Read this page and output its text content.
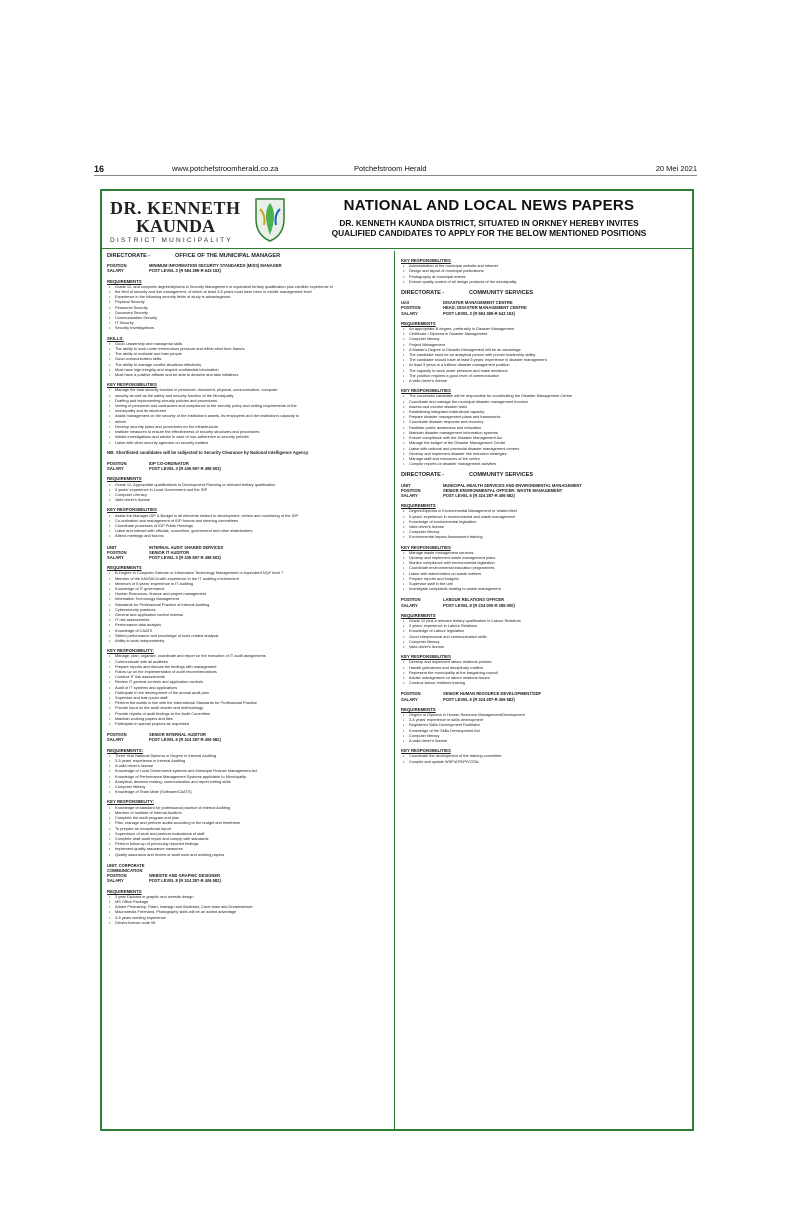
16	www.potchefstroomherald.co.za	Potchefstroom Herald	20 Mei 2021
DR. KENNETH
KAUNDA
DISTRICT MUNICIPALITY
NATIONAL AND LOCAL NEWS PAPERS
DR. KENNETH KAUNDA DISTRICT, SITUATED IN ORKNEY HEREBY INVITES
QUALIFIED CANDIDATES TO APPLY FOR THE BELOW MENTIONED POSITIONS
DIRECTORATE -	OFFICE OF THE MUNICIPAL MANAGER
POSITION	MINIMUM INFORMATION SECURITY STANDARDS (MISS) MANAGER
SALARY	POST LEVEL 3 (R 584 389-R 643 153)
REQUIREMENTS
• Grade 12, and complete degree/diploma in Security Management or equivalent tertiary qualification plus credible experience in
• the field of security and risk management, of which at least 3-5 years must have been in middle management level
• Experience in the following security fields of study is advantageous:
• Physical Security
• Personnel Security
• Document Security
• Communication Security
• IT Security
• Security Investigations
SKILLS:
• Good Leadership and managerial skills
• The ability to work under tremendous pressure and within strict time frames
• The ability to motivate and train people
• Good communication skills
• The ability to manage conflict situations effectively
• Must have high integrity and respect confidential information
• Must have a positive attitude and be able to decisive and take initiatives
KEY RESPONSIBILITIES
• Manage the total security function in personnel, document, physical, communication, computer
• security as well as the safety and security function of the Municipality
• Drafting and implementing security policies and procedures
• Vetting of personnel and contractors and compliance to the security policy and vetting requirements of the
• municipality and its structures
• Assist management on the security of the Institution's assets, its employees and the institution's capacity to
• deliver
• Develop security plans and procedures for the infrastructure
• Institute measures to ensure the effectiveness of security structures and procedures
• Initiate investigations and advise in case of non-adherence to security policies
• Liaise with other security agencies on security matters
NB: Shortlisted candidates will be subjected to Security Clearance by National Intelligence Agency
POSITION	IDP CO-ORDINATOR
SALARY	POST LEVEL 3 (R 436 597-R 498 503)
REQUIREMENTS
• Grade 12, Appropriate qualifications in Development Planning or relevant tertiary qualification
• 5 years' experience in Local Government and the IDP
• Computer Literacy
• Valid driver's license
KEY RESPONSIBILITIES
• Assist the Manager IDP & Budget in all elements related to development, review and monitoring of the IDP
• Co-ordination and management of IDP forums and steering committees
• Coordinate processes of IDP Public Hearings
• Liaise and interact with officials, councillors, government and other stakeholders
• Attend meetings and forums
UNIT	INTERNAL AUDIT SHARED SERVICES
POSITION	SENIOR IT AUDITOR
SALARY	POST LEVEL 3 (R 436 597-R 498 503)
REQUIREMENTS
• B-Degree in Computer Science or Information Technology Management or equivalent NQF level 7
• Member of the IIA/ISACA with experience in the IT auditing environment
• Minimum of 5 years' experience in IT auditing
• Knowledge of IT governance
• Human Resources, finance and project management
• Information Technology Management
• Standards for Professional Practice of Internal Auditing
• Cybersecurity practices
• General and application control reviews
• IT risk assessments
• Performance data analysis
• Knowledge of CAATS
• Skilled performance and knowledge of tools related analysis
• Ability to work independently
KEY RESPONSIBILITY:
• Manage, plan, organize, coordinate and report on the execution of IT audit assignments
• Communicate with all auditees
• Prepare reports and discuss the findings with management
• Follow up on the implementation of audit recommendations
• Conduct IT risk assessments
• Review IT general controls and application controls
• Audit of IT systems and applications
• Participate in the development of the annual audit plan
• Supervise and train junior staff
• Perform the audits in line with the International Standards for Professional Practice
• Provide input on the audit charter and methodology
• Provide reports of audit findings to the Audit Committee
• Maintain working papers and files
• Participate in special projects as requested
POSITION	SENIOR INTERNAL AUDITOR
SALARY	POST LEVEL 6 (R 324 287-R 406 582)
REQUIREMENTS:
• Three Year National Diploma or Degree in Internal Auditing
• 3-5 years' experience in Internal Auditing
• A valid driver's license
• Knowledge of Local Government systems and Municipal Finance Management Act
• Knowledge of Performance Management Systems applicable to Municipality
• Analytical, decision making, communication and report writing skills
• Computer literacy
• Knowledge of Team Mate (Software/CAATS)
KEY RESPONSIBILITY:
• Knowledge of standard for professional practice of internal Auditing
• Member of Institute of Internal Auditors
• Complete the audit program and plan
• Plan, manage and perform audits according to the budget and timeframe
• To prepare an exceptional report
• Supervision of work and perform evaluations of staff
• Complete draft audit report and comply with standards
• Perform follow-up of previously reported findings
• Implement quality assurance measures
• Quality assurance and review of audit work and working papers
UNIT: CORPORATE COMMUNICATION
POSITION	WEBSITE AND GRAPHIC DESIGNER
SALARY	POST LEVEL 8 (R 324 287-R 406 582)
REQUIREMENTS
• 3 year Diploma in graphic and website design
• MS Office Package
• Adobe Photoshop, Flash, Indesign and Illustrator, Corel draw and Dreamweaver
• Macromedia Freehand, Photography skills will be an added advantage
• 3-5 years working experience
• Drivers license code 08
KEY RESPONSIBILITIES
• Administration of the municipal website and intranet
• Design and layout of municipal publications
• Photography at municipal events
• Ensure quality control of all design products of the municipality
DIRECTORATE -	COMMUNITY SERVICES
Unit	DISASTER MANAGEMENT CENTRE
POSITION	HEAD: DISASTER MANAGEMENT CENTRE
SALARY	POST LEVEL 3 (R 584 389-R 643 153)
REQUIREMENTS
• An appropriate B degree, preferably in Disaster Management
• Certificate / Diploma in Disaster Management
• Computer literacy
• Project Management
• A Master's Degree in Disaster Management will be an advantage
• The candidate must be an analytical person with proven leadership ability
• The candidate should have at least 5 years' experience in disaster management
• At least 3 years in a fulltime disaster management position
• The capacity to work under pressure and make decisions
• The position requires a good level of communication
• A valid driver's license
KEY RESPONSIBILITIES
• The successful candidate will be responsible for coordinating the Disaster Management Centre
• Coordinate and manage the municipal disaster management function
• Assess and monitor disaster risks
• Establishing integrated institutional capacity
• Prepare disaster management plans and frameworks
• Coordinate disaster response and recovery
• Facilitate public awareness and education
• Maintain disaster management information systems
• Ensure compliance with the Disaster Management Act
• Manage the budget of the Disaster Management Centre
• Liaise with national and provincial disaster management centres
• Develop and implement disaster risk reduction strategies
• Manage staff and resources of the centre
• Compile reports on disaster management activities
DIRECTORATE -	COMMUNITY SERVICES
UNIT	MUNICIPAL HEALTH SERVICES AND ENVIRONMENTAL MANAGEMENT
POSITION	SENIOR ENVIRONMENTAL OFFICER: WASTE MANAGEMENT
SALARY	POST LEVEL 6 (R 324 287-R 406 582)
REQUIREMENTS
• Degree/Diploma in Environmental Management or related field
• 5 years' experience in environmental and waste management
• Knowledge of environmental legislation
• Valid driver's license
• Computer literacy
• Environmental Impact Assessment training
KEY RESPONSIBILITIES
• Manage waste management services
• Develop and implement waste management plans
• Monitor compliance with environmental legislation
• Coordinate environmental education programmes
• Liaise with stakeholders on waste matters
• Prepare reports and budgets
• Supervise staff in the unit
• Investigate complaints relating to waste management
POSITION	LABOUR RELATIONS OFFICER
SALARY	POST LEVEL 8 (R 234 000-R 285 000)
REQUIREMENTS
• Grade 12 plus a relevant tertiary qualification in Labour Relations
• 3 years' experience in Labour Relations
• Knowledge of Labour legislation
• Good interpersonal and communication skills
• Computer literacy
• Valid driver's license
KEY RESPONSIBILITIES
• Develop and implement labour relations policies
• Handle grievances and disciplinary matters
• Represent the municipality at the bargaining council
• Advise management on labour relations issues
• Conduct labour relations training
POSITION	SENIOR HUMAN RESOURCE DEVELOPMENT/SDF
SALARY	POST LEVEL 6 (R 324 287-R 406 582)
REQUIREMENTS
• Degree or Diploma in Human Resource Management/Development
• 3-5 years' experience in skills development
• Registered Skills Development Facilitator
• Knowledge of the Skills Development Act
• Computer literacy
• A valid driver's license
KEY RESPONSIBILITIES
• Coordinate the development of the training committee
• Compile and update WSP/ATR/PIVOTAL
